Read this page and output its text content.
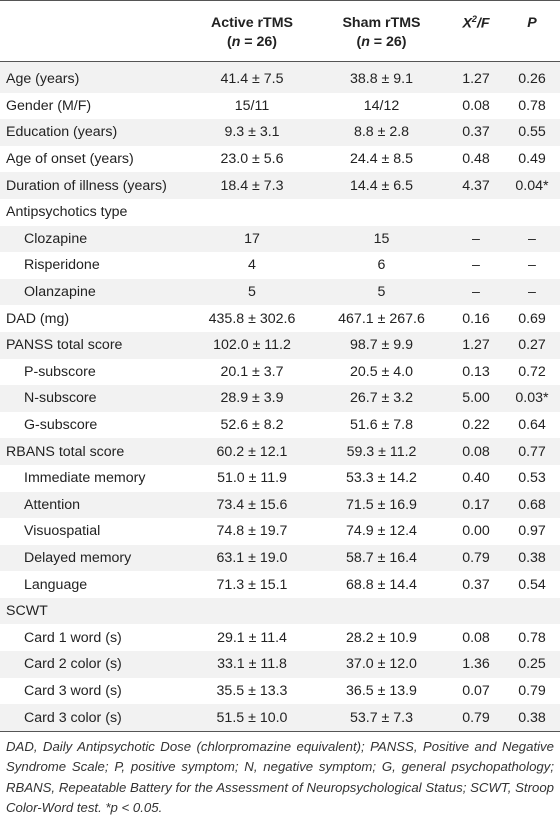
	Active rTMS	Sham rTMS	$X^2/F$	P
	(n = 26)	(n = 26)		
Age (years)	41.4 ± 7.5	38.8 ± 9.1	1.27	0.26
Gender (M/F)	15/11	14/12	0.08	0.78
Education (years)	9.3 ± 3.1	8.8 ± 2.8	0.37	0.55
Age of onset (years)	23.0 ± 5.6	24.4 ± 8.5	0.48	0.49
Duration of illness (years)	18.4 ± 7.3	14.4 ± 6.5	4.37	0.04*
Antipsychotics type				
Clozapine	17	15	–	–
Risperidone	4	6	–	–
Olanzapine	5	5	–	–
DAD (mg)	435.8 ± 302.6	467.1 ± 267.6	0.16	0.69
PANSS total score	102.0 ± 11.2	98.7 ± 9.9	1.27	0.27
P-subscore	20.1 ± 3.7	20.5 ± 4.0	0.13	0.72
N-subscore	28.9 ± 3.9	26.7 ± 3.2	5.00	0.03*
G-subscore	52.6 ± 8.2	51.6 ± 7.8	0.22	0.64
RBANS total score	60.2 ± 12.1	59.3 ± 11.2	0.08	0.77
Immediate memory	51.0 ± 11.9	53.3 ± 14.2	0.40	0.53
Attention	73.4 ± 15.6	71.5 ± 16.9	0.17	0.68
Visuospatial	74.8 ± 19.7	74.9 ± 12.4	0.00	0.97
Delayed memory	63.1 ± 19.0	58.7 ± 16.4	0.79	0.38
Language	71.3 ± 15.1	68.8 ± 14.4	0.37	0.54
SCWT				
Card 1 word (s)	29.1 ± 11.4	28.2 ± 10.9	0.08	0.78
Card 2 color (s)	33.1 ± 11.8	37.0 ± 12.0	1.36	0.25
Card 3 word (s)	35.5 ± 13.3	36.5 ± 13.9	0.07	0.79
Card 3 color (s)	51.5 ± 10.0	53.7 ± 7.3	0.79	0.38
DAD, Daily Antipsychotic Dose (chlorpromazine equivalent); PANSS, Positive and Negative Syndrome Scale; P, positive symptom; N, negative symptom; G, general psychopathology; RBANS, Repeatable Battery for the Assessment of Neuropsychological Status; SCWT, Stroop Color-Word test. *p < 0.05.
